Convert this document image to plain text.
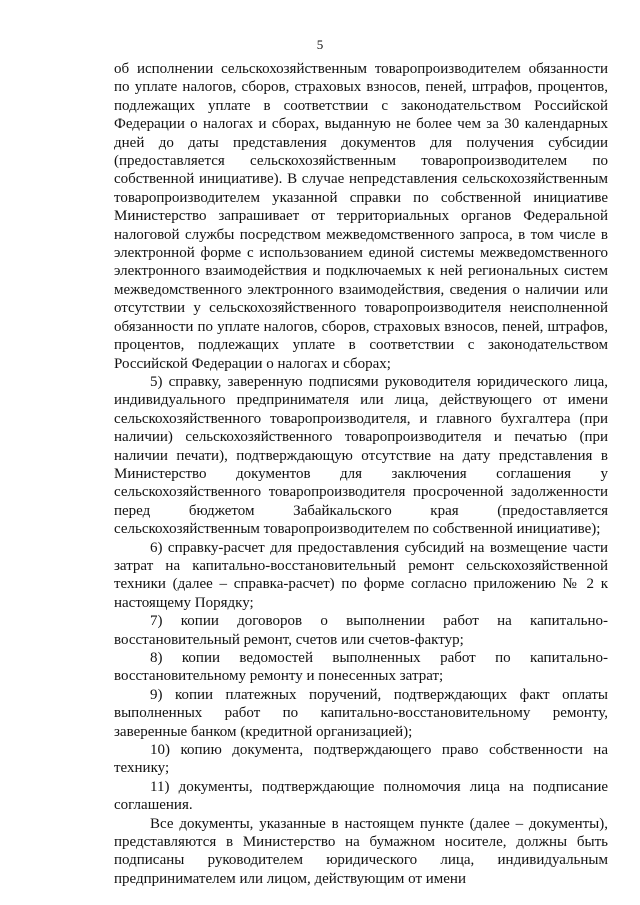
5

об исполнении сельскохозяйственным товаропроизводителем обязанности по уплате налогов, сборов, страховых взносов, пеней, штрафов, процентов, подлежащих уплате в соответствии с законодательством Российской Федерации о налогах и сборах, выданную не более чем за 30 календарных дней до даты представления документов для получения субсидии (предоставляется сельскохозяйственным товаропроизводителем по собственной инициативе). В случае непредставления сельскохозяйственным товаропроизводителем указанной справки по собственной инициативе Министерство запрашивает от территориальных органов Федеральной налоговой службы посредством межведомственного запроса, в том числе в электронной форме с использованием единой системы межведомственного электронного взаимодействия и подключаемых к ней региональных систем межведомственного электронного взаимодействия, сведения о наличии или отсутствии у сельскохозяйственного товаропроизводителя неисполненной обязанности по уплате налогов, сборов, страховых взносов, пеней, штрафов, процентов, подлежащих уплате в соответствии с законодательством Российской Федерации о налогах и сборах;

5) справку, заверенную подписями руководителя юридического лица, индивидуального предпринимателя или лица, действующего от имени сельскохозяйственного товаропроизводителя, и главного бухгалтера (при наличии) сельскохозяйственного товаропроизводителя и печатью (при наличии печати), подтверждающую отсутствие на дату представления в Министерство документов для заключения соглашения у сельскохозяйственного товаропроизводителя просроченной задолженности перед бюджетом Забайкальского края (предоставляется сельскохозяйственным товаропроизводителем по собственной инициативе);

6) справку-расчет для предоставления субсидий на возмещение части затрат на капитально-восстановительный ремонт сельскохозяйственной техники (далее – справка-расчет) по форме согласно приложению № 2 к настоящему Порядку;

7) копии договоров о выполнении работ на капитально-восстановительный ремонт, счетов или счетов-фактур;

8) копии ведомостей выполненных работ по капитально-восстановительному ремонту и понесенных затрат;

9) копии платежных поручений, подтверждающих факт оплаты выполненных работ по капитально-восстановительному ремонту, заверенные банком (кредитной организацией);

10) копию документа, подтверждающего право собственности на технику;

11) документы, подтверждающие полномочия лица на подписание соглашения.

Все документы, указанные в настоящем пункте (далее – документы), представляются в Министерство на бумажном носителе, должны быть подписаны руководителем юридического лица, индивидуальным предпринимателем или лицом, действующим от имени
